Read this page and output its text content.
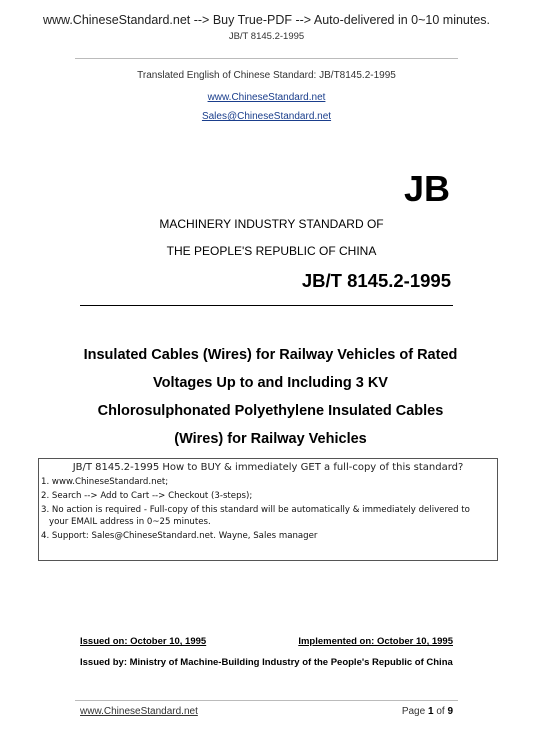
www.ChineseStandard.net --> Buy True-PDF --> Auto-delivered in 0~10 minutes.
JB/T 8145.2-1995
Translated English of Chinese Standard: JB/T8145.2-1995
www.ChineseStandard.net
Sales@ChineseStandard.net
JB
MACHINERY INDUSTRY STANDARD OF
THE PEOPLE'S REPUBLIC OF CHINA
JB/T 8145.2-1995
Insulated Cables (Wires) for Railway Vehicles of Rated
Voltages Up to and Including 3 KV
Chlorosulphonated Polyethylene Insulated Cables
(Wires) for Railway Vehicles
JB/T 8145.2-1995 How to BUY & immediately GET a full-copy of this standard?
1. www.ChineseStandard.net;
2. Search --> Add to Cart --> Checkout (3-steps);
3. No action is required - Full-copy of this standard will be automatically & immediately delivered to
your EMAIL address in 0~25 minutes.
4. Support: Sales@ChineseStandard.net. Wayne, Sales manager
Issued on: October 10, 1995	Implemented on: October 10, 1995
Issued by: Ministry of Machine-Building Industry of the People's Republic of China
www.ChineseStandard.net	Page 1 of 9
